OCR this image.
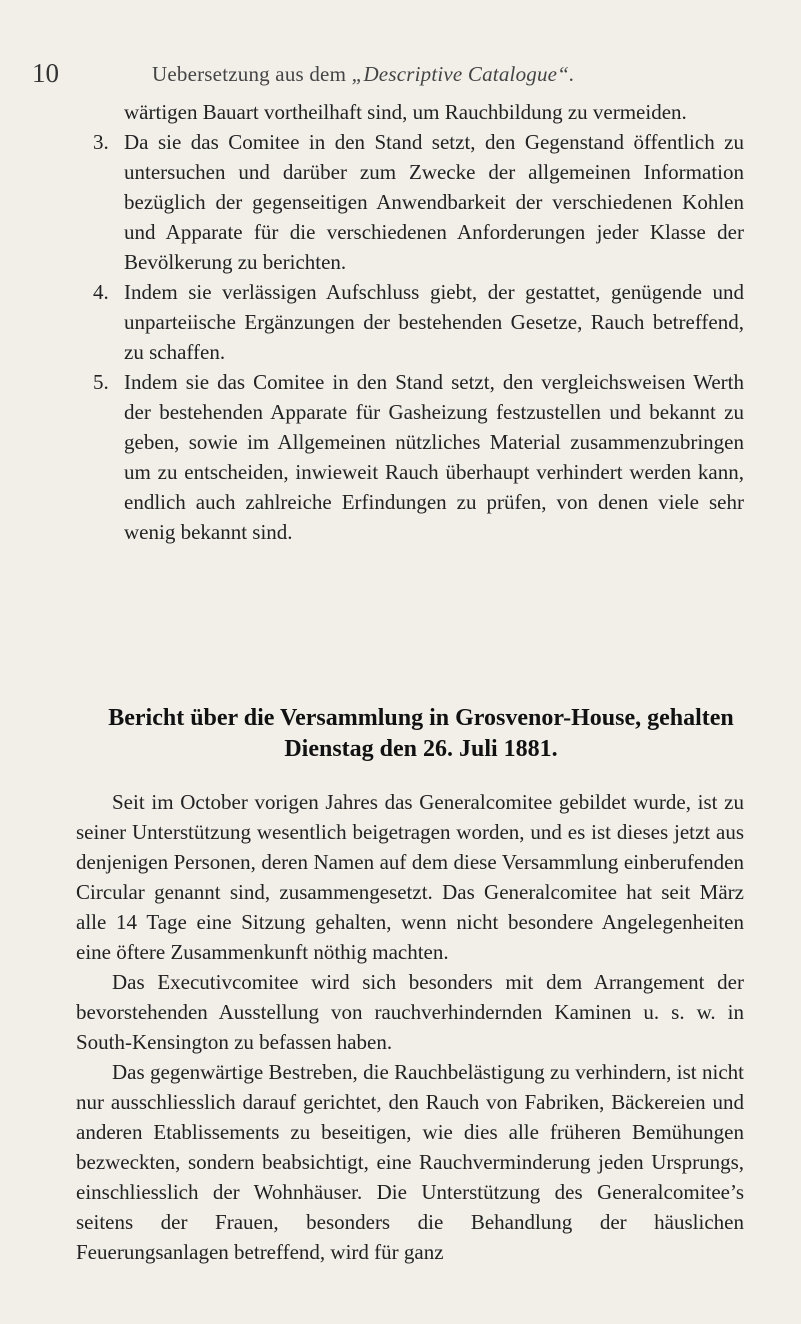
10	Uebersetzung aus dem „Descriptive Catalogue“.
wärtigen Bauart vortheilhaft sind, um Rauchbildung zu vermeiden.
3. Da sie das Comitee in den Stand setzt, den Gegenstand öffentlich zu untersuchen und darüber zum Zwecke der allgemeinen Information bezüglich der gegenseitigen Anwendbarkeit der verschiedenen Kohlen und Apparate für die verschiedenen Anforderungen jeder Klasse der Bevölkerung zu berichten.
4. Indem sie verlässigen Aufschluss giebt, der gestattet, genügende und unparteiische Ergänzungen der bestehenden Gesetze, Rauch betreffend, zu schaffen.
5. Indem sie das Comitee in den Stand setzt, den vergleichsweisen Werth der bestehenden Apparate für Gasheizung festzustellen und bekannt zu geben, sowie im Allgemeinen nützliches Material zusammenzubringen um zu entscheiden, inwieweit Rauch überhaupt verhindert werden kann, endlich auch zahlreiche Erfindungen zu prüfen, von denen viele sehr wenig bekannt sind.
Bericht über die Versammlung in Grosvenor-House, gehalten
Dienstag den 26. Juli 1881.

Seit im October vorigen Jahres das Generalcomitee gebildet wurde, ist zu seiner Unterstützung wesentlich beigetragen worden, und es ist dieses jetzt aus denjenigen Personen, deren Namen auf dem diese Versammlung einberufenden Circular genannt sind, zusammengesetzt. Das Generalcomitee hat seit März alle 14 Tage eine Sitzung gehalten, wenn nicht besondere Angelegenheiten eine öftere Zusammenkunft nöthig machten.

Das Executivcomitee wird sich besonders mit dem Arrangement der bevorstehenden Ausstellung von rauchverhindernden Kaminen u. s. w. in South-Kensington zu befassen haben.

Das gegenwärtige Bestreben, die Rauchbelästigung zu verhindern, ist nicht nur ausschliesslich darauf gerichtet, den Rauch von Fabriken, Bäckereien und anderen Etablissements zu beseitigen, wie dies alle früheren Bemühungen bezweckten, sondern beabsichtigt, eine Rauchverminderung jeden Ursprungs, einschliesslich der Wohnhäuser. Die Unterstützung des Generalcomitee’s seitens der Frauen, besonders die Behandlung der häuslichen Feuerungsanlagen betreffend, wird für ganz
